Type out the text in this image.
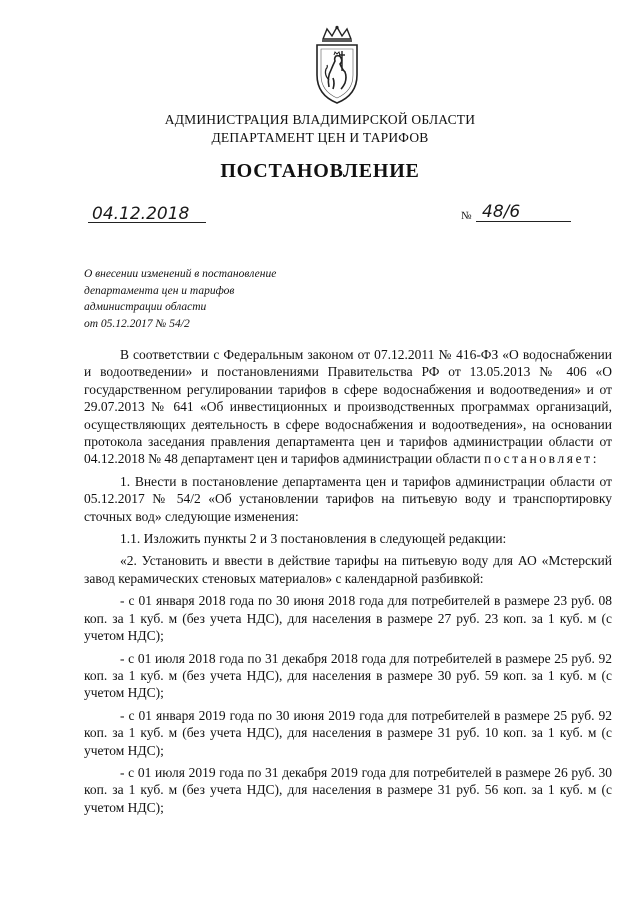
АДМИНИСТРАЦИЯ ВЛАДИМИРСКОЙ ОБЛАСТИ
ДЕПАРТАМЕНТ ЦЕН И ТАРИФОВ
ПОСТАНОВЛЕНИЕ
04.12.2018	№ 48/6
О внесении изменений в постановление
департамента цен и тарифов
администрации области
от 05.12.2017 № 54/2

В соответствии с Федеральным законом от 07.12.2011 № 416-ФЗ «О водоснабжении и водоотведении» и постановлениями Правительства РФ от 13.05.2013 № 406 «О государственном регулировании тарифов в сфере водоснабжения и водоотведения» и от 29.07.2013 № 641 «Об инвестиционных и производственных программах организаций, осуществляющих деятельность в сфере водоснабжения и водоотведения», на основании протокола заседания правления департамента цен и тарифов администрации области от 04.12.2018 № 48 департамент цен и тарифов администрации области постановляет:

1. Внести в постановление департамента цен и тарифов администрации области от 05.12.2017 № 54/2 «Об установлении тарифов на питьевую воду и транспортировку сточных вод» следующие изменения:

1.1. Изложить пункты 2 и 3 постановления в следующей редакции:

«2. Установить и ввести в действие тарифы на питьевую воду для АО «Мстерский завод керамических стеновых материалов» с календарной разбивкой:

- с 01 января 2018 года по 30 июня 2018 года для потребителей в размере 23 руб. 08 коп. за 1 куб. м (без учета НДС), для населения в размере 27 руб. 23 коп. за 1 куб. м (с учетом НДС);

- с 01 июля 2018 года по 31 декабря 2018 года для потребителей в размере 25 руб. 92 коп. за 1 куб. м (без учета НДС), для населения в размере 30 руб. 59 коп. за 1 куб. м (с учетом НДС);

- с 01 января 2019 года по 30 июня 2019 года для потребителей в размере 25 руб. 92 коп. за 1 куб. м (без учета НДС), для населения в размере 31 руб. 10 коп. за 1 куб. м (с учетом НДС);

- с 01 июля 2019 года по 31 декабря 2019 года для потребителей в размере 26 руб. 30 коп. за 1 куб. м (без учета НДС), для населения в размере 31 руб. 56 коп. за 1 куб. м (с учетом НДС);
